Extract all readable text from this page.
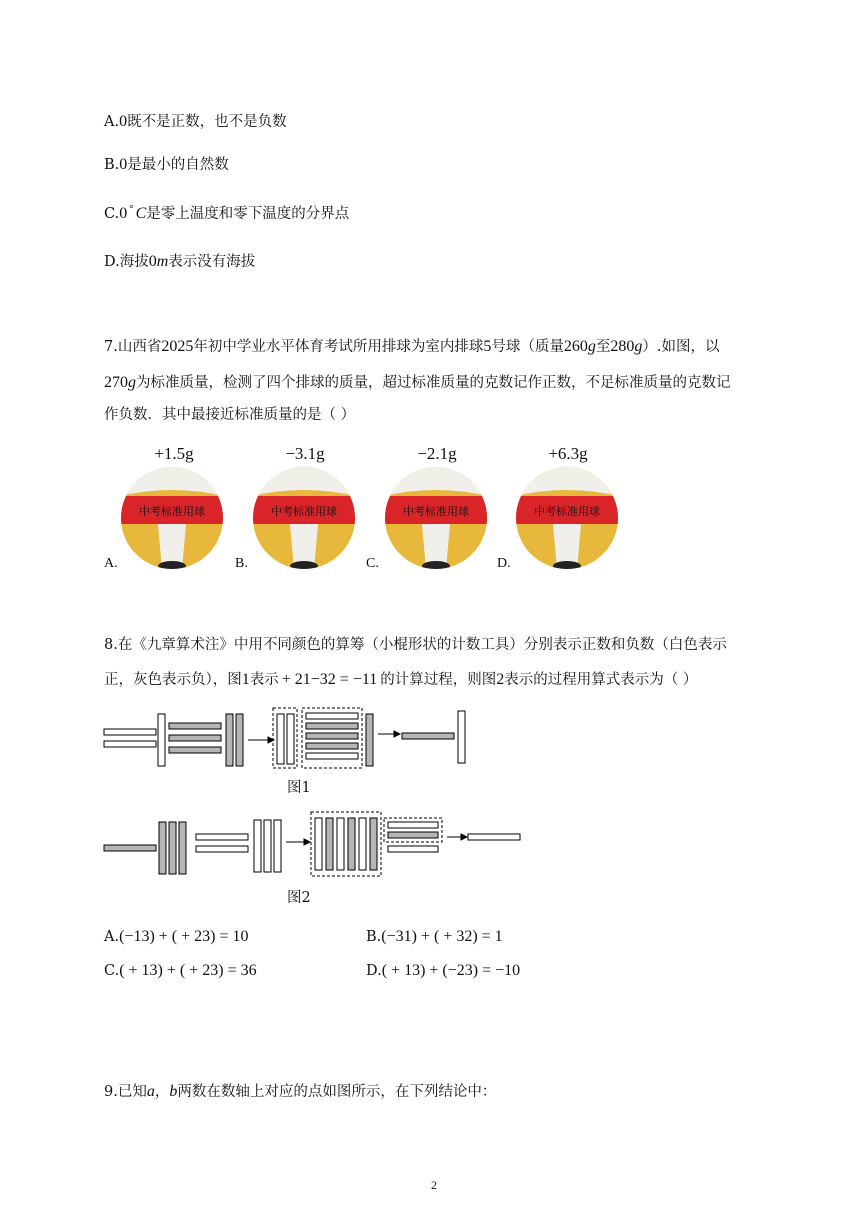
A.0既不是正数，也不是负数
B.0是最小的自然数
C.0 ° C是零上温度和零下温度的分界点
D.海拔0m表示没有海拔
7.山西省2025年初中学业水平体育考试所用排球为室内排球5号球（质量260g至280g）.如图，以
270g为标准质量，检测了四个排球的质量，超过标准质量的克数记作正数，不足标准质量的克数记
作负数．其中最接近标准质量的是（ ）
+1.5g
中考标准用球
A.
−3.1g
中考标准用球
B.
−2.1g
中考标准用球
C.
+6.3g
中考标准用球
D.
8.在《九章算术注》中用不同颜色的算筹（小棍形状的计数工具）分别表示正数和负数（白色表示
正，灰色表示负），图1表示 + 21−32 = −11 的计算过程，则图2表示的过程用算式表示为（ ）
图1
图2
A.(−13) + ( + 23) = 10	B.(−31) + ( + 32) = 1
C.( + 13) + ( + 23) = 36	D.( + 13) + (−23) = −10
9.已知a，b两数在数轴上对应的点如图所示，在下列结论中：
2
